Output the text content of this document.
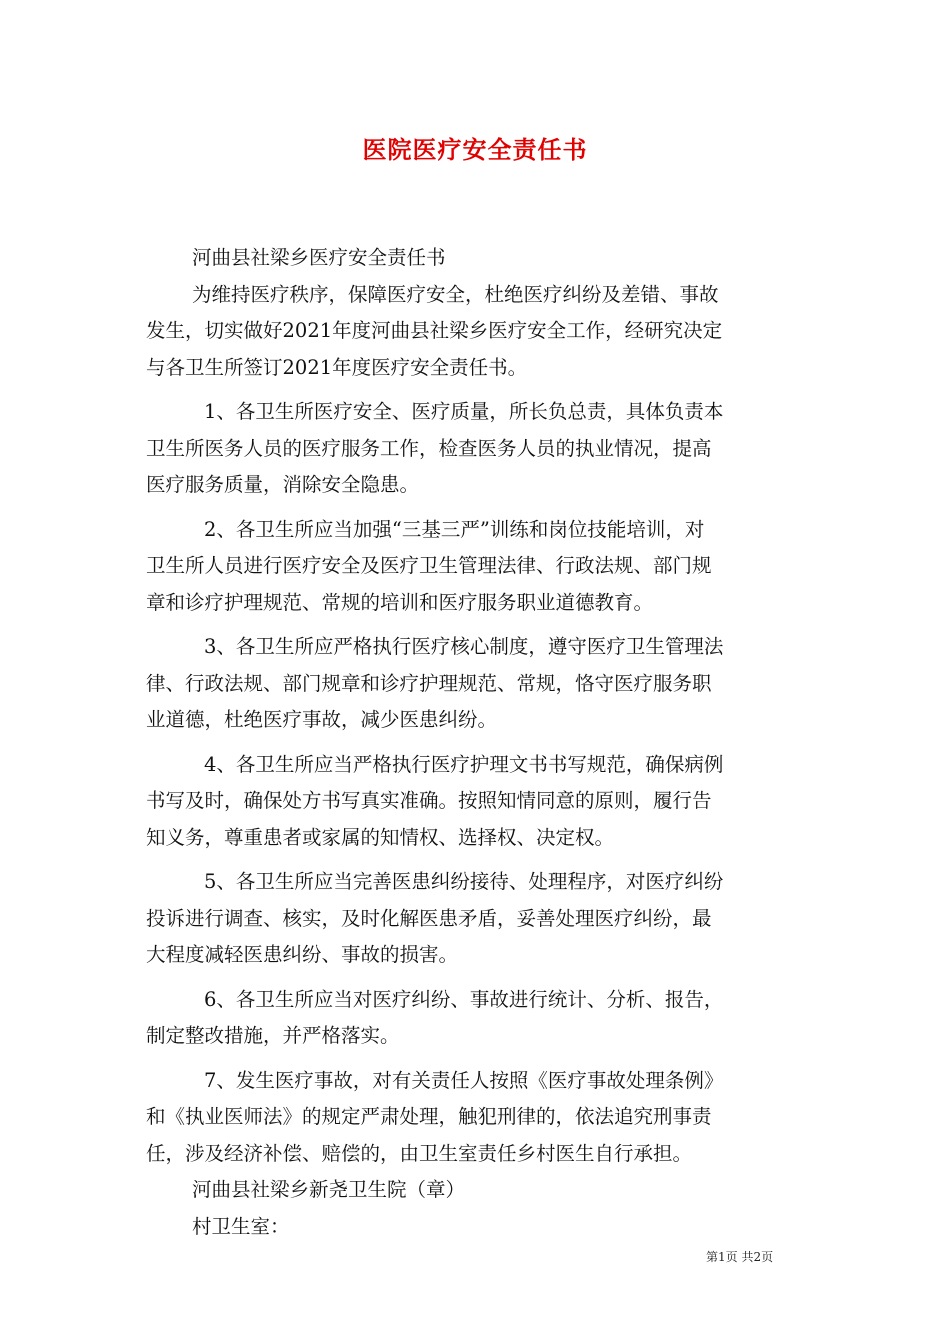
医院医疗安全责任书
河曲县社梁乡医疗安全责任书
为维持医疗秩序，保障医疗安全，杜绝医疗纠纷及差错、事故
发生，切实做好2021年度河曲县社梁乡医疗安全工作，经研究决定
与各卫生所签订2021年度医疗安全责任书。
1、各卫生所医疗安全、医疗质量，所长负总责，具体负责本
卫生所医务人员的医疗服务工作，检查医务人员的执业情况，提高
医疗服务质量，消除安全隐患。
2、各卫生所应当加强“三基三严”训练和岗位技能培训，对
卫生所人员进行医疗安全及医疗卫生管理法律、行政法规、部门规
章和诊疗护理规范、常规的培训和医疗服务职业道德教育。
3、各卫生所应严格执行医疗核心制度，遵守医疗卫生管理法
律、行政法规、部门规章和诊疗护理规范、常规，恪守医疗服务职
业道德，杜绝医疗事故，减少医患纠纷。
4、各卫生所应当严格执行医疗护理文书书写规范，确保病例
书写及时，确保处方书写真实准确。按照知情同意的原则，履行告
知义务，尊重患者或家属的知情权、选择权、决定权。
5、各卫生所应当完善医患纠纷接待、处理程序，对医疗纠纷
投诉进行调查、核实，及时化解医患矛盾，妥善处理医疗纠纷，最
大程度减轻医患纠纷、事故的损害。
6、各卫生所应当对医疗纠纷、事故进行统计、分析、报告，
制定整改措施，并严格落实。
7、发生医疗事故，对有关责任人按照《医疗事故处理条例》
和《执业医师法》的规定严肃处理，触犯刑律的，依法追究刑事责
任，涉及经济补偿、赔偿的，由卫生室责任乡村医生自行承担。
河曲县社梁乡新尧卫生院（章）
村卫生室：
第1页 共2页
